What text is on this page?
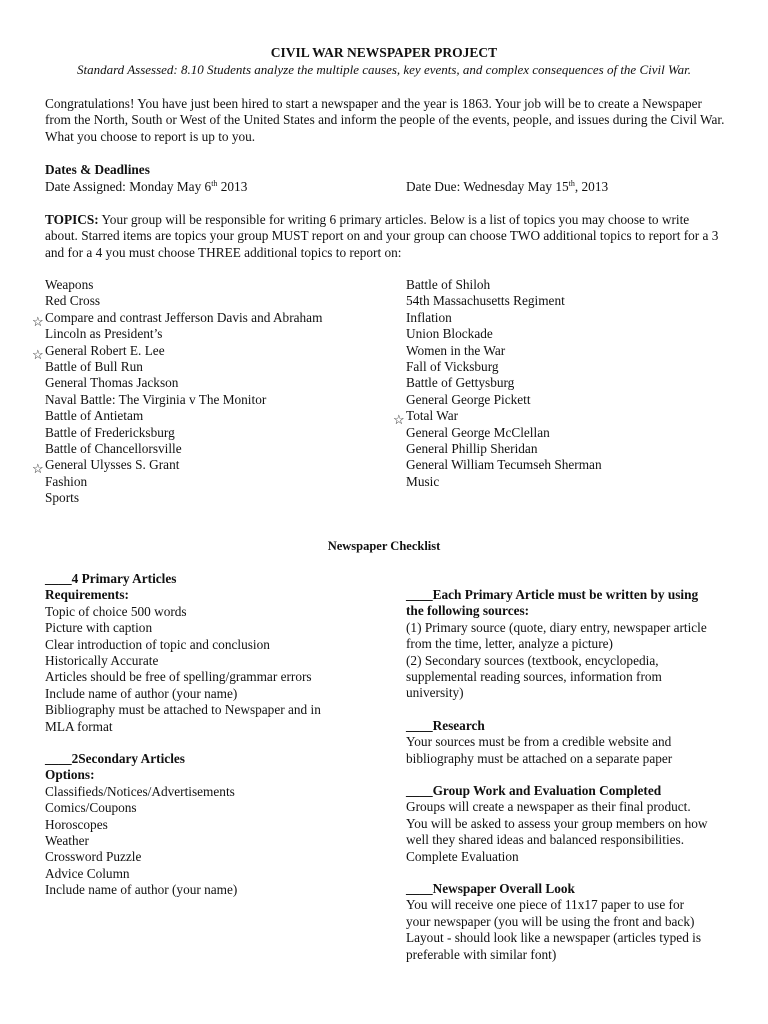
CIVIL WAR NEWSPAPER PROJECT
Standard Assessed: 8.10 Students analyze the multiple causes, key events, and complex consequences of the Civil War.

Congratulations! You have just been hired to start a newspaper and the year is 1863. Your job will be to create a Newspaper from the North, South or West of the United States and inform the people of the events, people, and issues during the Civil War. What you choose to report is up to you.

Dates & Deadlines
Date Assigned: Monday May 6th 2013	Date Due: Wednesday May 15th, 2013

TOPICS: Your group will be responsible for writing 6 primary articles. Below is a list of topics you may choose to write about. Starred items are topics your group MUST report on and your group can choose TWO additional topics to report for a 3 and for a 4 you must choose THREE additional topics to report on:

Weapons
Red Cross
☆ Compare and contrast Jefferson Davis and Abraham
Lincoln as President’s
☆ General Robert E. Lee
Battle of Bull Run
General Thomas Jackson
Naval Battle: The Virginia v The Monitor
Battle of Antietam
Battle of Fredericksburg
Battle of Chancellorsville
☆ General Ulysses S. Grant
Fashion
Sports
Battle of Shiloh
54th Massachusetts Regiment
Inflation
Union Blockade
Women in the War
Fall of Vicksburg
Battle of Gettysburg
General George Pickett
☆ Total War
General George McClellan
General Phillip Sheridan
General William Tecumseh Sherman
Music
Newspaper Checklist
____4 Primary Articles
Requirements:
Topic of choice 500 words
Picture with caption
Clear introduction of topic and conclusion
Historically Accurate
Articles should be free of spelling/grammar errors
Include name of author (your name)
Bibliography must be attached to Newspaper and in
MLA format
____2Secondary Articles
Options:
Classifieds/Notices/Advertisements
Comics/Coupons
Horoscopes
Weather
Crossword Puzzle
Advice Column
Include name of author (your name)
____Each Primary Article must be written by using
the following sources:
(1) Primary source (quote, diary entry, newspaper article
from the time, letter, analyze a picture)
(2) Secondary sources (textbook, encyclopedia,
supplemental reading sources, information from
university)
____Research
Your sources must be from a credible website and
bibliography must be attached on a separate paper
____Group Work and Evaluation Completed
Groups will create a newspaper as their final product.
You will be asked to assess your group members on how
well they shared ideas and balanced responsibilities.
Complete Evaluation
____Newspaper Overall Look
You will receive one piece of 11x17 paper to use for
your newspaper (you will be using the front and back)
Layout - should look like a newspaper (articles typed is
preferable with similar font)
